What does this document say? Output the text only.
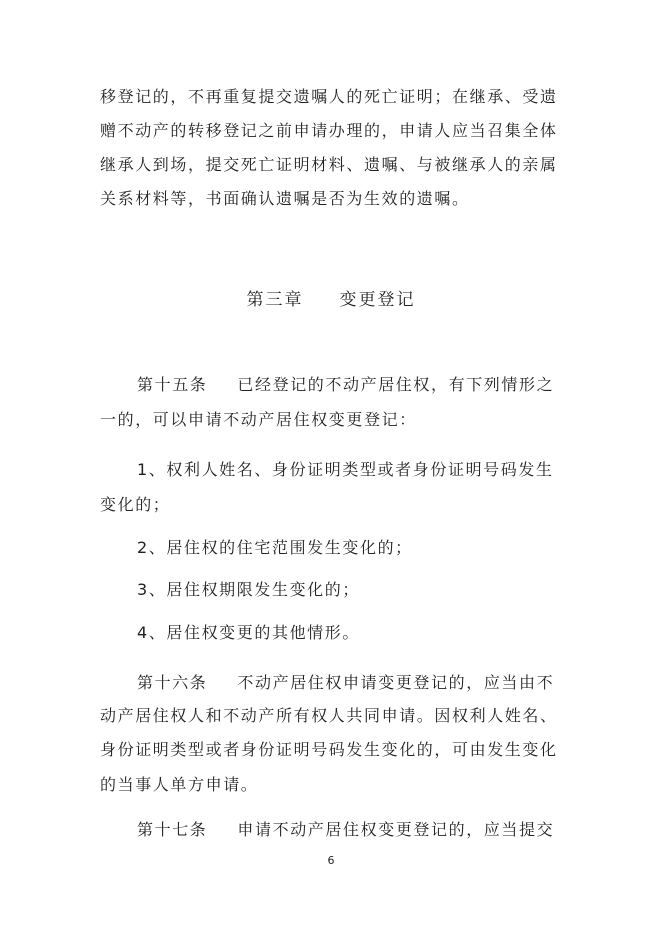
移登记的，不再重复提交遗嘱人的死亡证明；在继承、受遗
赠不动产的转移登记之前申请办理的，申请人应当召集全体
继承人到场，提交死亡证明材料、遗嘱、与被继承人的亲属
关系材料等，书面确认遗嘱是否为生效的遗嘱。
第三章 变更登记
第十五条 已经登记的不动产居住权，有下列情形之
一的，可以申请不动产居住权变更登记：
1、权利人姓名、身份证明类型或者身份证明号码发生
变化的；
2、居住权的住宅范围发生变化的；
3、居住权期限发生变化的；
4、居住权变更的其他情形。
第十六条 不动产居住权申请变更登记的，应当由不
动产居住权人和不动产所有权人共同申请。因权利人姓名、
身份证明类型或者身份证明号码发生变化的，可由发生变化
的当事人单方申请。
第十七条 申请不动产居住权变更登记的，应当提交
6
